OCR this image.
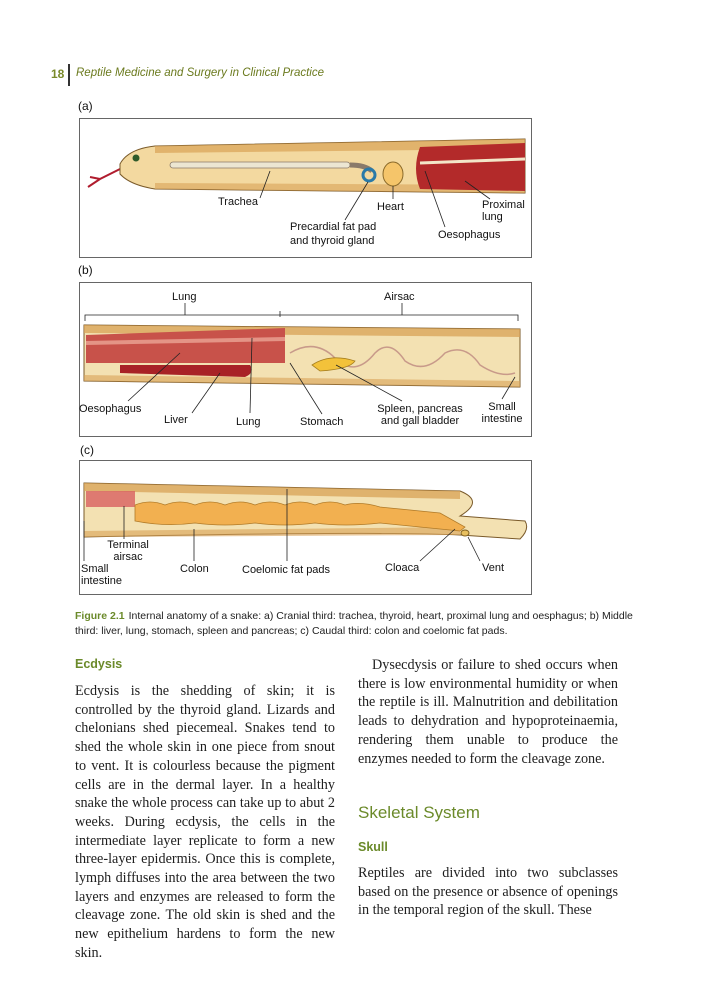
18 Reptile Medicine and Surgery in Clinical Practice
(a)
Trachea
Precardial fat pad
and thyroid gland
Heart
Oesophagus
Proximal
lung
(b)
Lung	Airsac
Oesophagus
Liver	Lung	Stomach
Spleen, pancreas
and gall bladder
Small
intestine
(c)
Terminal
airsac
Small
intestine
Colon	Coelomic fat pads	Cloaca	Vent
Figure 2.1 Internal anatomy of a snake: a) Cranial third: trachea, thyroid, heart, proximal lung and oesphagus; b) Middle third: liver, lung, stomach, spleen and pancreas; c) Caudal third: colon and coelomic fat pads.
Ecdysis

Ecdysis is the shedding of skin; it is controlled by the thyroid gland. Lizards and chelonians shed piecemeal. Snakes tend to shed the whole skin in one piece from snout to vent. It is colourless because the pigment cells are in the dermal layer. In a healthy snake the whole process can take up to abut 2 weeks. During ecdysis, the cells in the intermediate layer replicate to form a new three-layer epidermis. Once this is complete, lymph diffuses into the area between the two layers and enzymes are released to form the cleavage zone. The old skin is shed and the new epithelium hardens to form the new skin.

Dysecdysis or failure to shed occurs when there is low environmental humidity or when the reptile is ill. Malnutrition and debilitation leads to dehydration and hypoproteinaemia, rendering them unable to produce the enzymes needed to form the cleavage zone.

Skeletal System
Skull

Reptiles are divided into two subclasses based on the presence or absence of openings in the temporal region of the skull. These
